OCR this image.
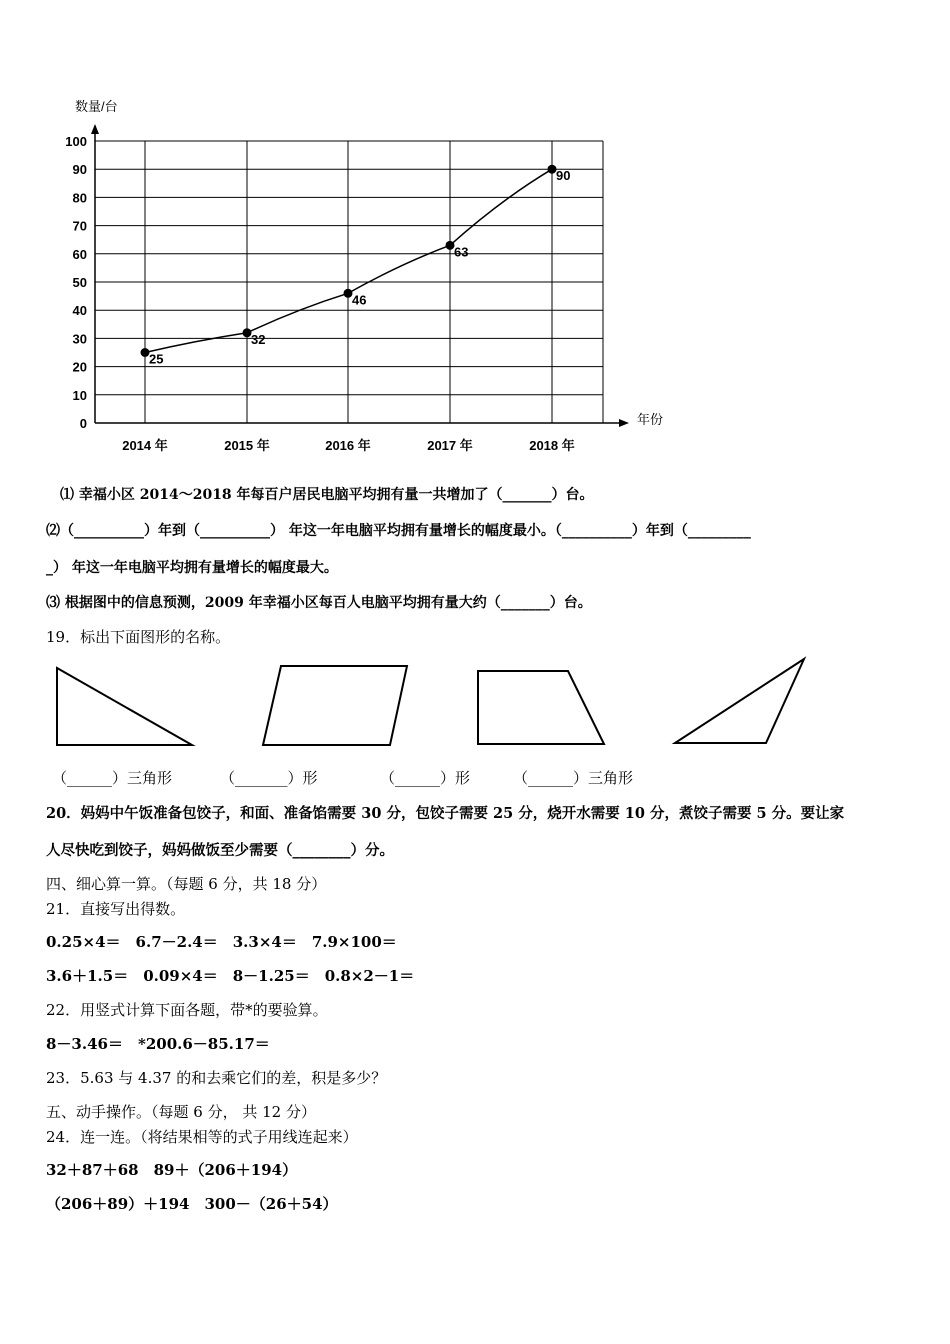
数量/台
年份
0
10
20
30
40
50
60
70
80
90
100
2014 年	2015 年	2016 年	2017 年	2018 年
25
32
46
63
90
⑴ 幸福小区 2014～2018 年每百户居民电脑平均拥有量一共增加了（_______）台。
⑵（__________）年到（__________） 年这一年电脑平均拥有量增长的幅度最小。（__________）年到（_________
_） 年这一年电脑平均拥有量增长的幅度最大。
⑶ 根据图中的信息预测，2009 年幸福小区每百人电脑平均拥有量大约（_______）台。
19．标出下面图形的名称。
（______）三角形	（_______）形	（______）形	（______）三角形
20．妈妈中午饭准备包饺子，和面、准备馅需要 30 分，包饺子需要 25 分，烧开水需要 10 分，煮饺子需要 5 分。要让家
人尽快吃到饺子，妈妈做饭至少需要（________）分。
四、细心算一算。（每题 6 分，共 18 分）
21．直接写出得数。
0.25×4＝　6.7－2.4＝　3.3×4＝　7.9×100＝
3.6＋1.5＝　0.09×4＝　8－1.25＝　0.8×2－1＝
22．用竖式计算下面各题，带*的要验算。
8－3.46＝　*200.6－85.17＝
23．5.63 与 4.37 的和去乘它们的差，积是多少？
五、动手操作。（每题 6 分， 共 12 分）
24．连一连。（将结果相等的式子用线连起来）
32＋87＋68　89＋（206＋194）
（206＋89）＋194　300－（26＋54）
